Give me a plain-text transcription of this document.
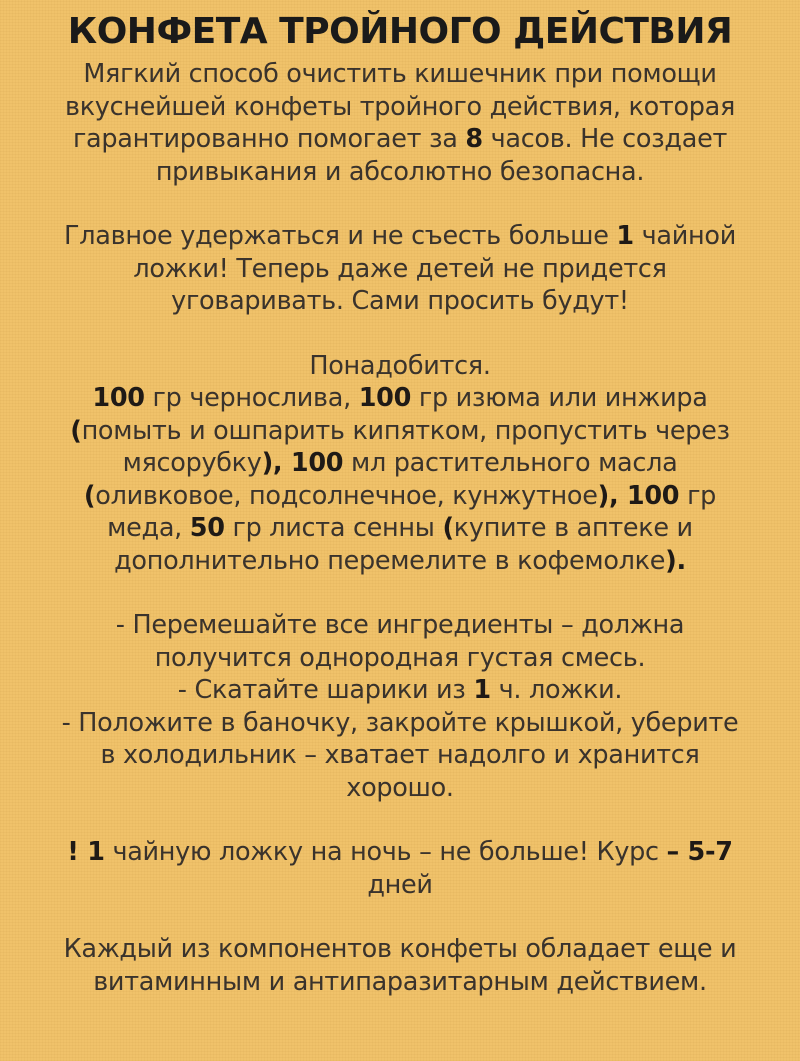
КОНФЕТА ТРОЙНОГО ДЕЙСТВИЯ

Мягкий способ очистить кишечник при помощи
вкуснейшей конфеты тройного действия, которая
гарантированно помогает за 8 часов. Не создает
привыкания и абсолютно безопасна.

Главное удержаться и не съесть больше 1 чайной
ложки! Теперь даже детей не придется
уговаривать. Сами просить будут!

Понадобится.
100 гр чернослива, 100 гр изюма или инжира
(помыть и ошпарить кипятком, пропустить через
мясорубку), 100 мл растительного масла
(оливковое, подсолнечное, кунжутное), 100 гр
меда, 50 гр листа сенны (купите в аптеке и
дополнительно перемелите в кофемолке).

- Перемешайте все ингредиенты – должна
получится однородная густая смесь.
- Скатайте шарики из 1 ч. ложки.
- Положите в баночку, закройте крышкой, уберите
в холодильник – хватает надолго и хранится
хорошо.

! 1 чайную ложку на ночь – не больше! Курс – 5-7
дней

Каждый из компонентов конфеты обладает еще и
витаминным и антипаразитарным действием.
